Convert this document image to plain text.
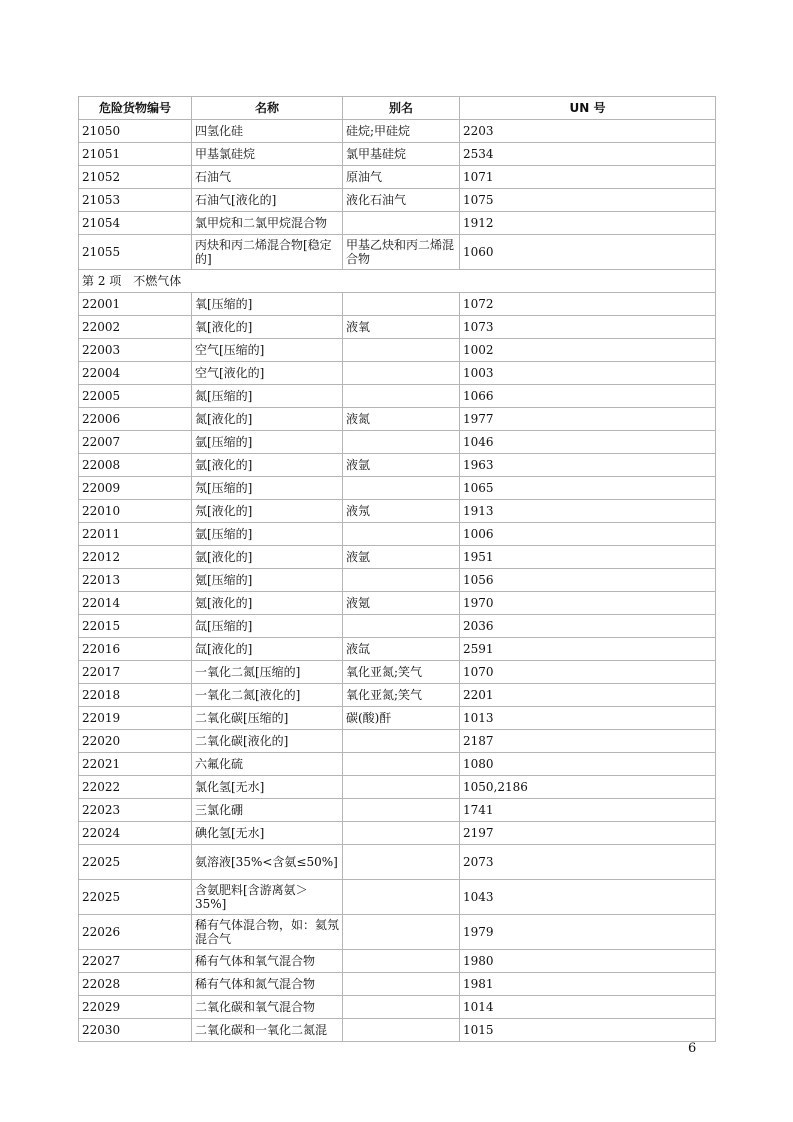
危险货物编号	名称	别名	UN 号
21050	四氢化硅	硅烷;甲硅烷	2203
21051	甲基氯硅烷	氯甲基硅烷	2534
21052	石油气	原油气	1071
21053	石油气[液化的]	液化石油气	1075
21054	氯甲烷和二氯甲烷混合物		1912
21055	丙炔和丙二烯混合物[稳定的]	甲基乙炔和丙二烯混合物	1060
第 2 项　不燃气体			
22001	氧[压缩的]		1072
22002	氧[液化的]	液氧	1073
22003	空气[压缩的]		1002
22004	空气[液化的]		1003
22005	氮[压缩的]		1066
22006	氮[液化的]	液氮	1977
22007	氩[压缩的]		1046
22008	氩[液化的]	液氩	1963
22009	氖[压缩的]		1065
22010	氖[液化的]	液氖	1913
22011	氩[压缩的]		1006
22012	氩[液化的]	液氩	1951
22013	氪[压缩的]		1056
22014	氪[液化的]	液氪	1970
22015	氙[压缩的]		2036
22016	氙[液化的]	液氙	2591
22017	一氧化二氮[压缩的]	氧化亚氮;笑气	1070
22018	一氧化二氮[液化的]	氧化亚氮;笑气	2201
22019	二氧化碳[压缩的]	碳(酸)酐	1013
22020	二氧化碳[液化的]		2187
22021	六氟化硫		1080
22022	氯化氢[无水]		1050,2186
22023	三氯化硼		1741
22024	碘化氢[无水]		2197
22025	氨溶液[35%<含氨≤50%]		2073
22025	含氨肥料[含游离氨＞35%]		1043
22026	稀有气体混合物，如：氦氖混合气		1979
22027	稀有气体和氧气混合物		1980
22028	稀有气体和氮气混合物		1981
22029	二氧化碳和氧气混合物		1014
22030	二氧化碳和一氧化二氮混		1015
6
